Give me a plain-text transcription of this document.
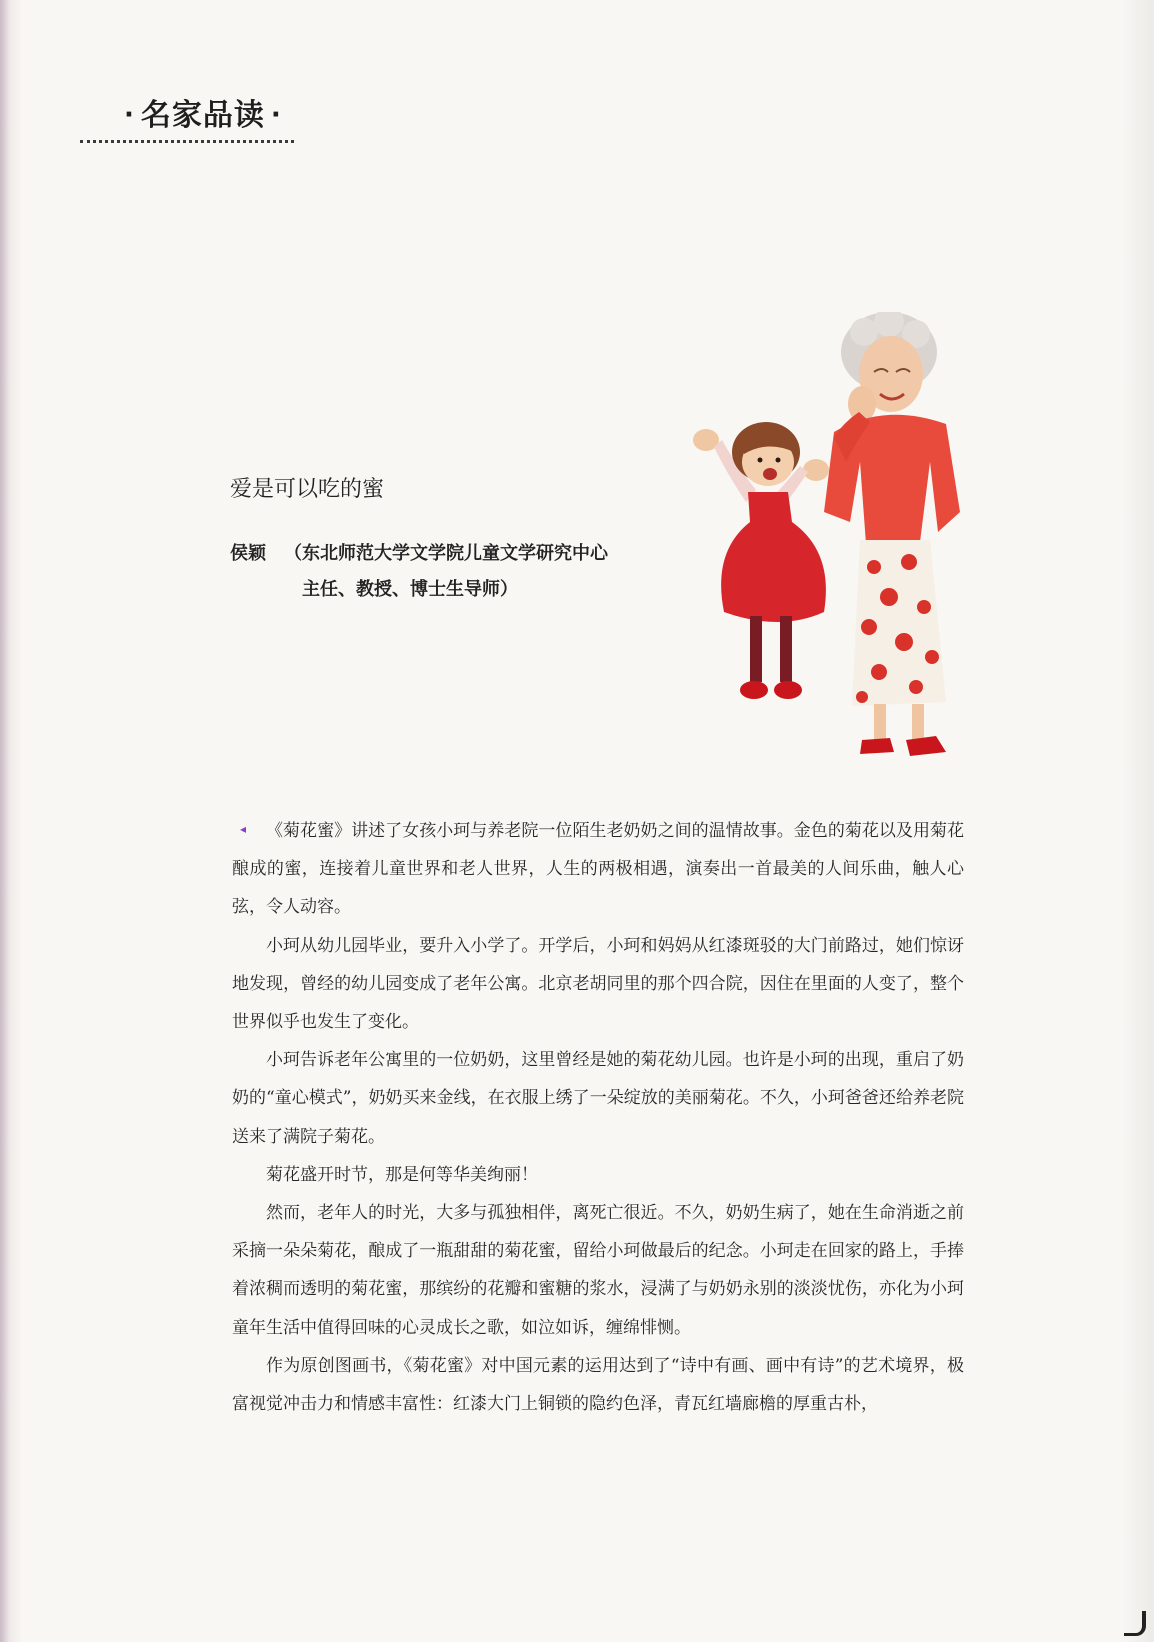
· 名家品读 ·
爱是可以吃的蜜
侯颖 （东北师范大学文学院儿童文学研究中心
主任、教授、博士生导师）
◂	《菊花蜜》讲述了女孩小珂与养老院一位陌生老奶奶之间的温情故事。金色的菊花以及用菊花酿成的蜜，连接着儿童世界和老人世界，人生的两极相遇，演奏出一首最美的人间乐曲，触人心弦，令人动容。

小珂从幼儿园毕业，要升入小学了。开学后，小珂和妈妈从红漆斑驳的大门前路过，她们惊讶地发现，曾经的幼儿园变成了老年公寓。北京老胡同里的那个四合院，因住在里面的人变了，整个世界似乎也发生了变化。

小珂告诉老年公寓里的一位奶奶，这里曾经是她的菊花幼儿园。也许是小珂的出现，重启了奶奶的“童心模式”，奶奶买来金线，在衣服上绣了一朵绽放的美丽菊花。不久，小珂爸爸还给养老院送来了满院子菊花。

菊花盛开时节，那是何等华美绚丽！

然而，老年人的时光，大多与孤独相伴，离死亡很近。不久，奶奶生病了，她在生命消逝之前采摘一朵朵菊花，酿成了一瓶甜甜的菊花蜜，留给小珂做最后的纪念。小珂走在回家的路上，手捧着浓稠而透明的菊花蜜，那缤纷的花瓣和蜜糖的浆水，浸满了与奶奶永别的淡淡忧伤，亦化为小珂童年生活中值得回味的心灵成长之歌，如泣如诉，缠绵悱恻。

作为原创图画书，《菊花蜜》对中国元素的运用达到了“诗中有画、画中有诗”的艺术境界，极富视觉冲击力和情感丰富性：红漆大门上铜锁的隐约色泽，青瓦红墙廊檐的厚重古朴，
